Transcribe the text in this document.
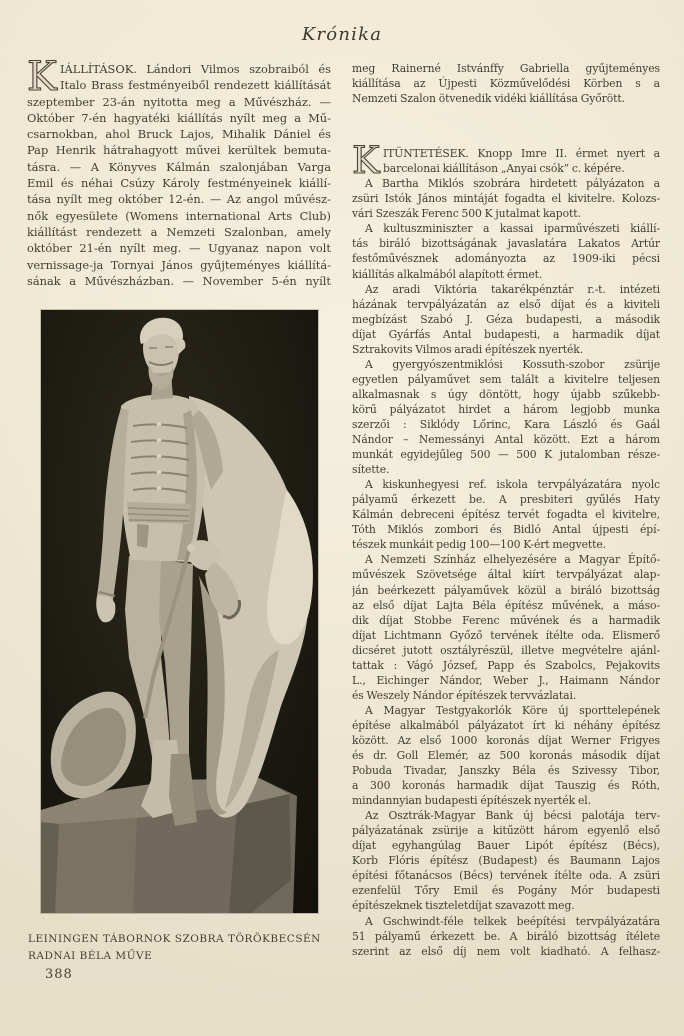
Krónika
K IÁLLÍTÁSOK. Lándori Vilmos szobraiból és
Italo Brass festményeiből rendezett kiállítását
szeptember 23-án nyitotta meg a Művészház. —
Október 7-én hagyatéki kiállítás nyílt meg a Mű-
csarnokban, ahol Bruck Lajos, Mihalik Dániel és
Pap Henrik hátrahagyott művei kerültek bemuta-
tásra. — A Könyves Kálmán szalonjában Varga
Emil és néhai Csúzy Károly festményeinek kiállí-
tása nyílt meg október 12-én. — Az angol művész-
nők egyesülete (Womens international Arts Club)
kiállítást rendezett a Nemzeti Szalonban, amely
október 21-én nyílt meg. — Ugyanaz napon volt
vernissage-ja Tornyai János gyűjteményes kiállítá-
sának a Művészházban. — November 5-én nyílt
LEININGEN TÁBORNOK SZOBRA TÖRÖKBECSÉN
RADNAI BÉLA MŰVE
388
meg Rainerné Istvánffy Gabriella gyűjteményes
kiállítása az Újpesti Közművelődési Körben s a
Nemzeti Szalon ötvenedik vidéki kiállítása Győrött.
K ITÜNTETÉSEK. Knopp Imre II. érmet nyert a
barcelonai kiállításon „Anyai csók” c. képére.
A Bartha Miklós szobrára hirdetett pályázaton a
zsüri Istók János mintáját fogadta el kivitelre. Kolozs-
vári Szeszák Ferenc 500 K jutalmat kapott.
A kultuszminiszter a kassai iparművészeti kiállí-
tás biráló bizottságának javaslatára Lakatos Artúr
festőművésznek adományozta az 1909-iki pécsi
kiállítás alkalmából alapított érmet.
Az aradi Viktória takarékpénztár r.-t. intézeti
házának tervpályázatán az első díjat és a kiviteli
megbízást Szabó J. Géza budapesti, a második
díjat Gyárfás Antal budapesti, a harmadik díjat
Sztrakovits Vilmos aradi építészek nyerték.
A gyergyószentmiklósi Kossuth-szobor zsürije
egyetlen pályaművet sem talált a kivitelre teljesen
alkalmasnak s úgy döntött, hogy újabb szűkebb-
körű pályázatot hirdet a három legjobb munka
szerzői : Siklódy Lőrinc, Kara László és Gaál
Nándor – Nemessányi Antal között. Ezt a három
munkát egyidejűleg 500 — 500 K jutalomban része-
sítette.
A kiskunhegyesi ref. iskola tervpályázatára nyolc
pályamű érkezett be. A presbiteri gyűlés Haty
Kálmán debreceni építész tervét fogadta el kivitelre,
Tóth Miklós zombori és Bidló Antal újpesti épí-
tészek munkáit pedig 100—100 K-ért megvette.
A Nemzeti Színház elhelyezésére a Magyar Építő-
művészek Szövetsége által kiírt tervpályázat alap-
ján beérkezett pályaművek közül a biráló bizottság
az első díjat Lajta Béla építész művének, a máso-
dik díjat Stobbe Ferenc művének és a harmadik
díjat Lichtmann Győző tervének ítélte oda. Elismerő
dicséret jutott osztályrészül, illetve megvételre ajánl-
tattak : Vágó József, Papp és Szabolcs, Pejakovits
L., Eichinger Nándor, Weber J., Haimann Nándor
és Weszely Nándor építészek tervvázlatai.
A Magyar Testgyakorlók Köre új sporttelepének
építése alkalmából pályázatot írt ki néhány építész
között. Az első 1000 koronás díjat Werner Frigyes
és dr. Goll Elemér, az 500 koronás második díjat
Pobuda Tivadar, Janszky Béla és Szivessy Tibor,
a 300 koronás harmadik díjat Tauszig és Róth,
mindannyian budapesti építészek nyerték el.
Az Osztrák-Magyar Bank új bécsi palotája terv-
pályázatának zsürije a kitűzött három egyenlő első
díjat egyhangúlag Bauer Lipót építész (Bécs),
Korb Flóris építész (Budapest) és Baumann Lajos
építési főtanácsos (Bécs) tervének ítélte oda. A zsüri
ezenfelül Tőry Emil és Pogány Mór budapesti
építészeknek tiszteletdíjat szavazott meg.
A Gschwindt-féle telkek beépítési tervpályázatára
51 pályamű érkezett be. A biráló bizottság ítélete
szerint az első díj nem volt kiadható. A felhasz-
